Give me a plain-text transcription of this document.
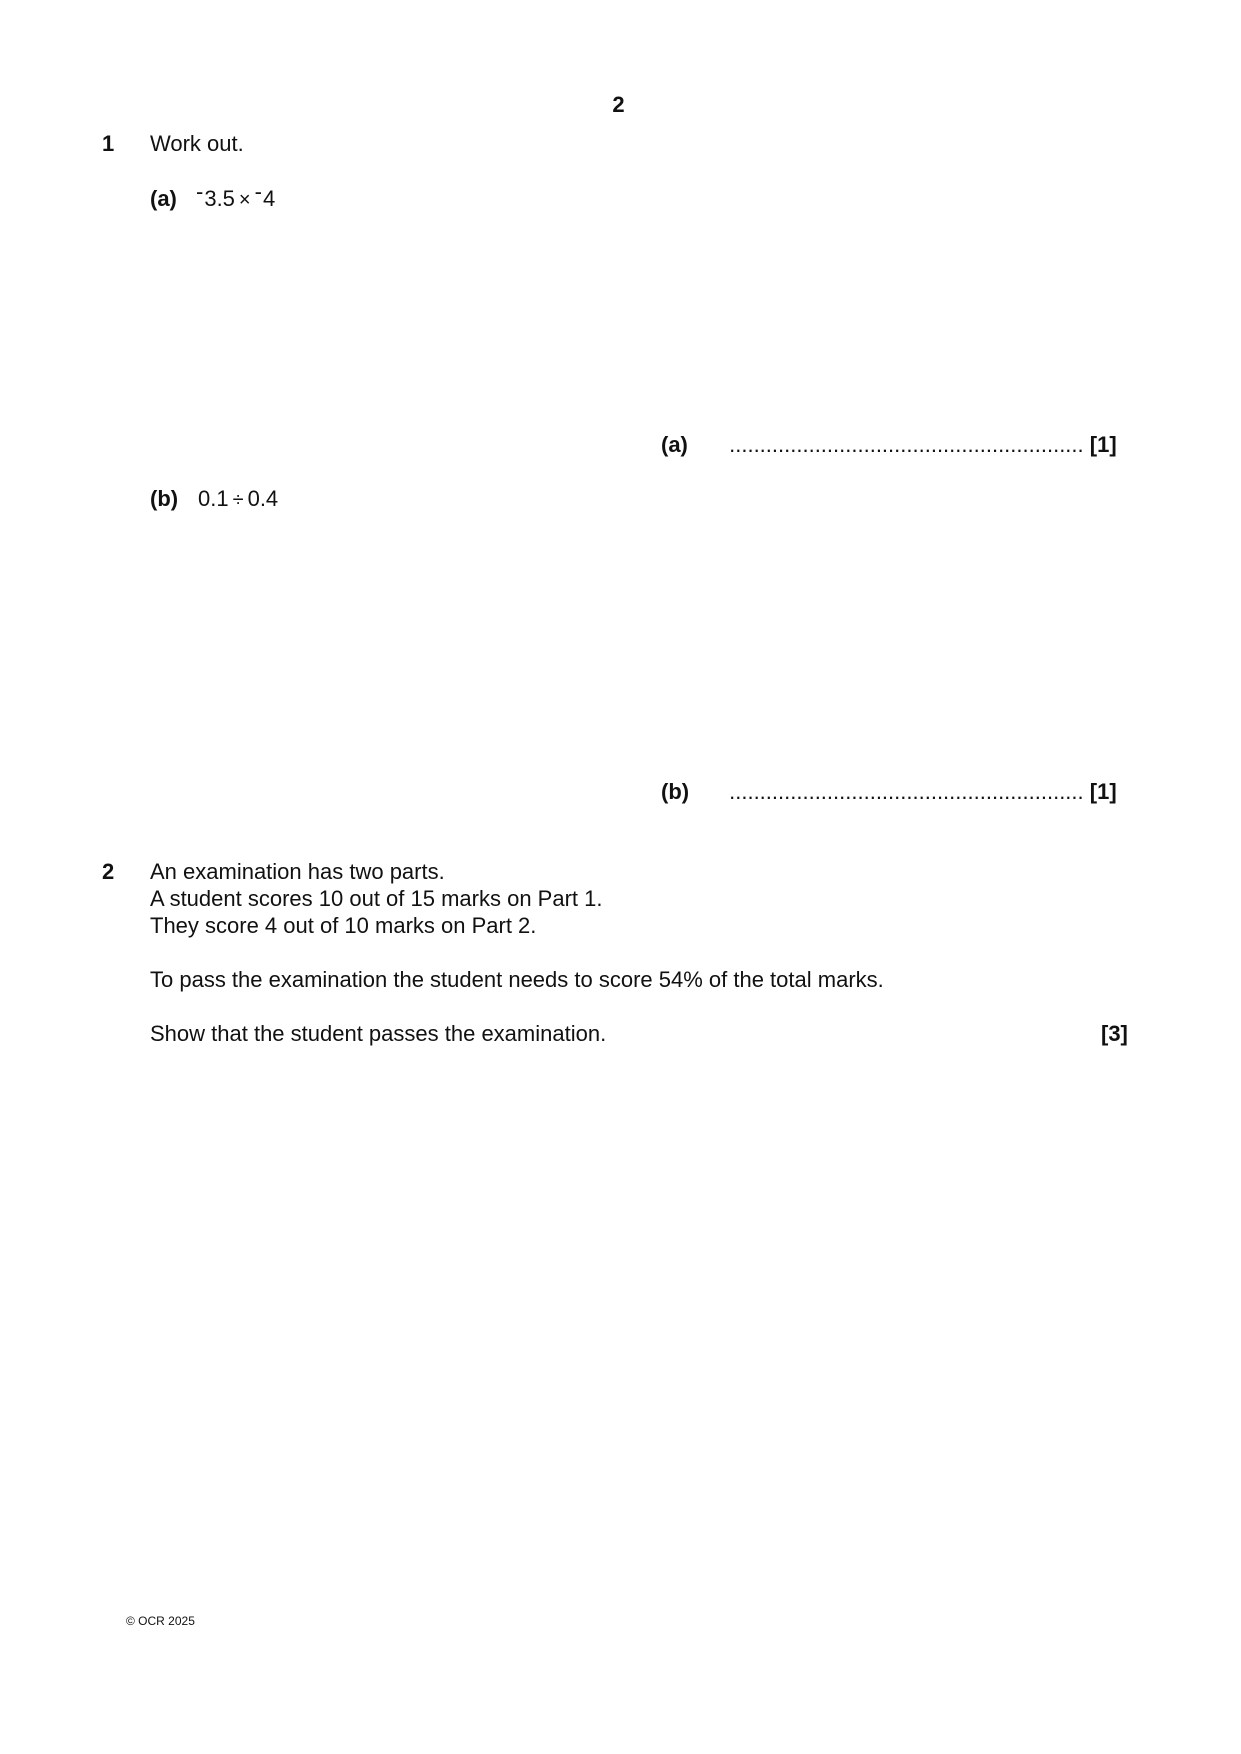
2
1 Work out.
(a) -3.5 × -4
(a) .......................................................... [1]
(b) 0.1 ÷ 0.4
(b) .......................................................... [1]
2 An examination has two parts.
A student scores 10 out of 15 marks on Part 1.
They score 4 out of 10 marks on Part 2.
To pass the examination the student needs to score 54% of the total marks.
Show that the student passes the examination.	[3]
© OCR 2025
